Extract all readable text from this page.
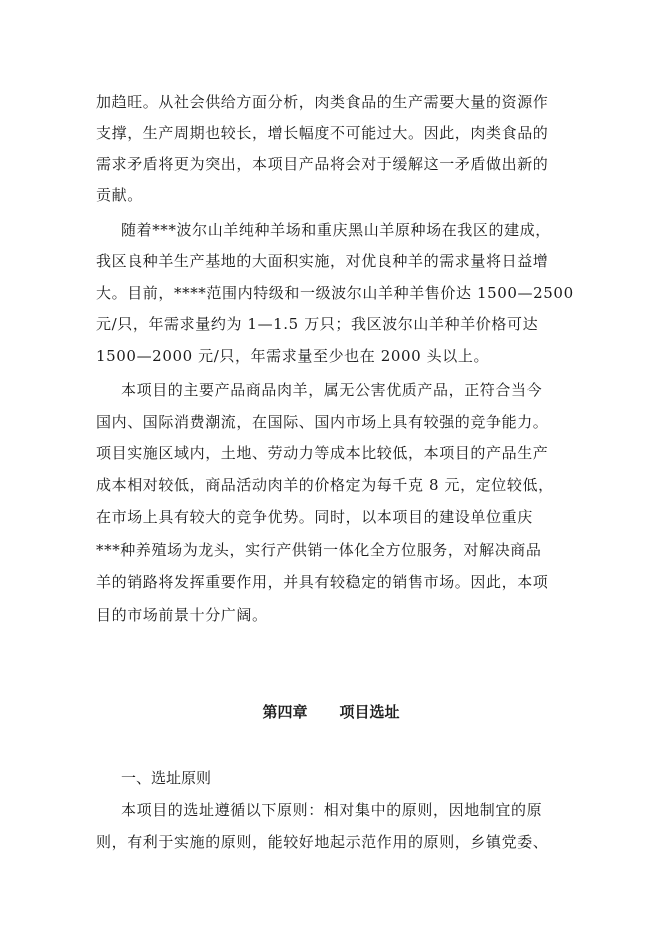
加趋旺。从社会供给方面分析，肉类食品的生产需要大量的资源作
支撑，生产周期也较长，增长幅度不可能过大。因此，肉类食品的
需求矛盾将更为突出，本项目产品将会对于缓解这一矛盾做出新的
贡献。
随着***波尔山羊纯种羊场和重庆黑山羊原种场在我区的建成，
我区良种羊生产基地的大面积实施，对优良种羊的需求量将日益增
大。目前，****范围内特级和一级波尔山羊种羊售价达 1500—2500
元/只，年需求量约为 1—1.5 万只；我区波尔山羊种羊价格可达
1500—2000 元/只，年需求量至少也在 2000 头以上。
本项目的主要产品商品肉羊，属无公害优质产品，正符合当今
国内、国际消费潮流，在国际、国内市场上具有较强的竞争能力。
项目实施区域内，土地、劳动力等成本比较低，本项目的产品生产
成本相对较低，商品活动肉羊的价格定为每千克 8 元，定位较低，
在市场上具有较大的竞争优势。同时，以本项目的建设单位重庆
***种养殖场为龙头，实行产供销一体化全方位服务，对解决商品
羊的销路将发挥重要作用，并具有较稳定的销售市场。因此，本项
目的市场前景十分广阔。
第四章 项目选址
一、选址原则
本项目的选址遵循以下原则：相对集中的原则，因地制宜的原
则，有利于实施的原则，能较好地起示范作用的原则，乡镇党委、
